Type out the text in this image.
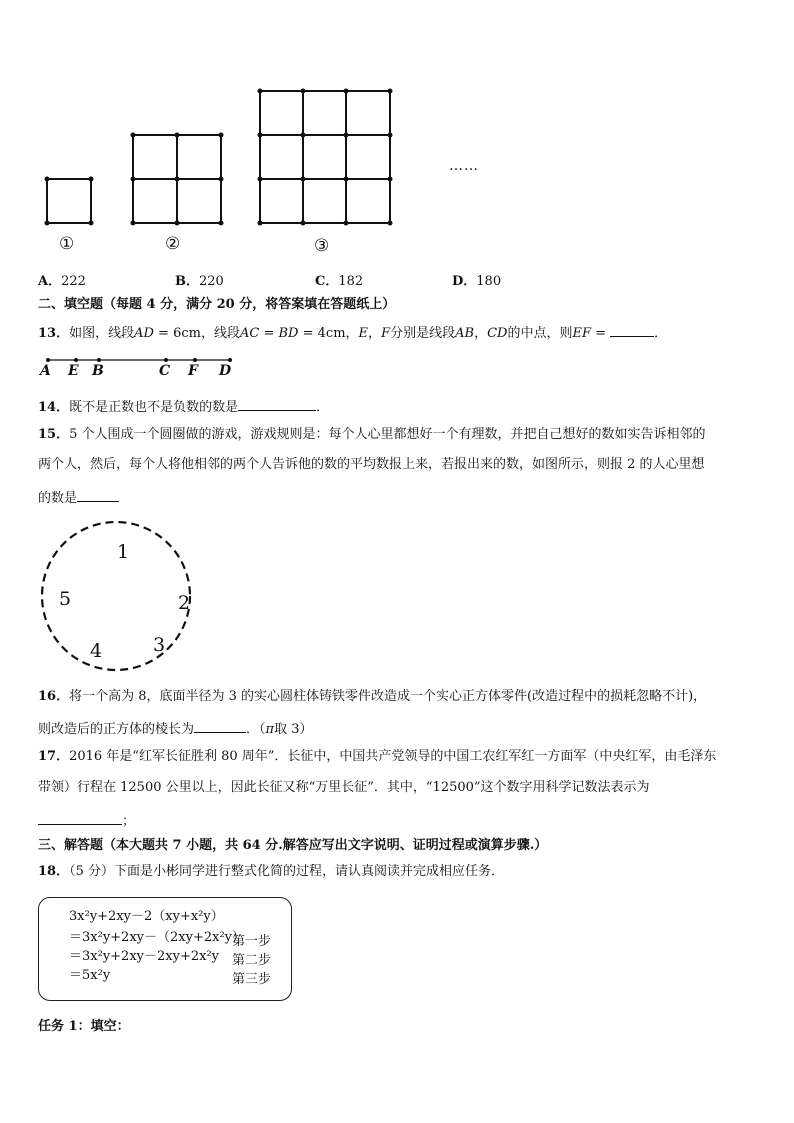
①	②	③
……
A．222	B．220	C．182	D．180
二、填空题（每题 4 分，满分 20 分，将答案填在答题纸上）
13．如图，线段AD = 6cm，线段AC = BD = 4cm，E，F分别是线段AB，CD的中点，则EF =	．
A E B	C F D
14．既不是正数也不是负数的数是	．
15．5 个人围成一个圆圈做的游戏，游戏规则是：每个人心里都想好一个有理数，并把自己想好的数如实告诉相邻的
两个人，然后，每个人将他相邻的两个人告诉他的数的平均数报上来，若报出来的数，如图所示，则报 2 的人心里想
的数是
1
2
3
4
5
16．将一个高为 8，底面半径为 3 的实心圆柱体铸铁零件改造成一个实心正方体零件(改造过程中的损耗忽略不计)，
则改造后的正方体的棱长为	．（π取 3）
17．2016 年是“红军长征胜利 80 周年”．长征中，中国共产党领导的中国工农红军红一方面军（中央红军，由毛泽东
带领）行程在 12500 公里以上，因此长征又称“万里长征”．其中，“12500”这个数字用科学记数法表示为
；
三、解答题（本大题共 7 小题，共 64 分.解答应写出文字说明、证明过程或演算步骤.）
18．（5 分）下面是小彬同学进行整式化简的过程，请认真阅读并完成相应任务．
3x²y+2xy－2（xy+x²y）
＝3x²y+2xy－（2xy+2x²y）
第一步
＝3x²y+2xy－2xy+2x²y 第二步
＝5x²y	第三步
任务 1：填空：
